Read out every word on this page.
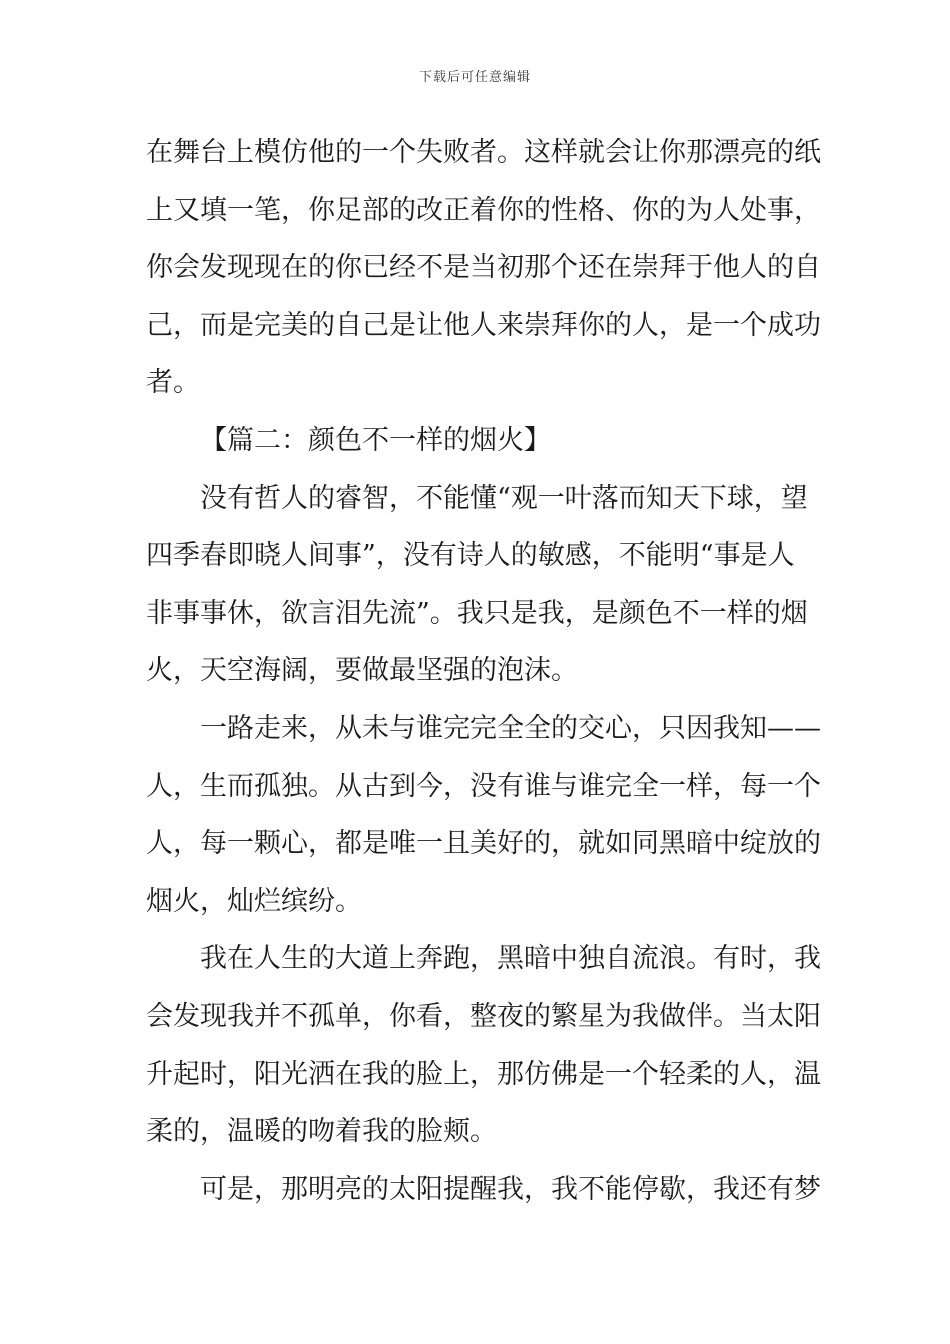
下载后可任意编辑
在舞台上模仿他的一个失败者。这样就会让你那漂亮的纸
上又填一笔，你足部的改正着你的性格、你的为人处事，
你会发现现在的你已经不是当初那个还在崇拜于他人的自
己，而是完美的自己是让他人来崇拜你的人，是一个成功
者。
【篇二：颜色不一样的烟火】
没有哲人的睿智，不能懂“观一叶落而知天下球，望
四季春即晓人间事”，没有诗人的敏感，不能明“事是人
非事事休，欲言泪先流”。我只是我，是颜色不一样的烟
火，天空海阔，要做最坚强的泡沫。
一路走来，从未与谁完完全全的交心，只因我知——
人，生而孤独。从古到今，没有谁与谁完全一样，每一个
人，每一颗心，都是唯一且美好的，就如同黑暗中绽放的
烟火，灿烂缤纷。
我在人生的大道上奔跑，黑暗中独自流浪。有时，我
会发现我并不孤单，你看，整夜的繁星为我做伴。当太阳
升起时，阳光洒在我的脸上，那仿佛是一个轻柔的人，温
柔的，温暖的吻着我的脸颊。
可是，那明亮的太阳提醒我，我不能停歇，我还有梦
